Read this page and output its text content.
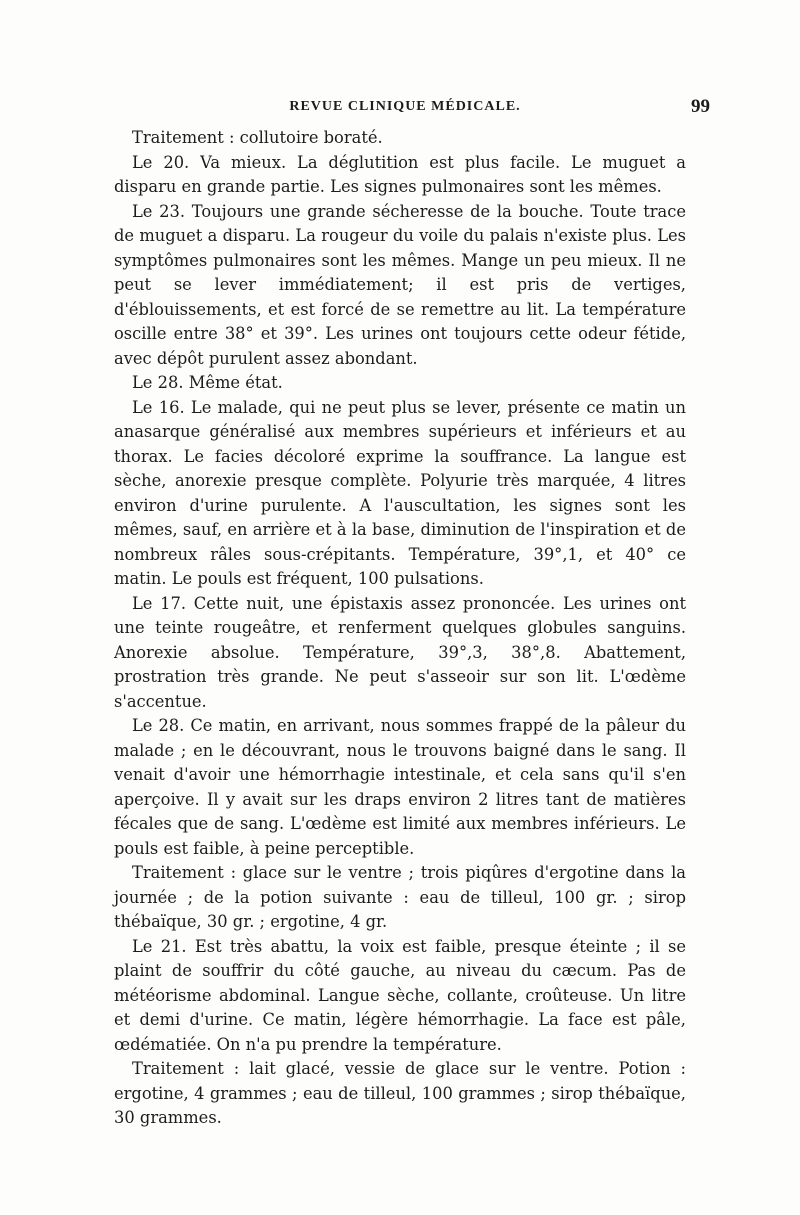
REVUE CLINIQUE MÉDICALE.	99

Traitement : collutoire boraté.

Le 20. Va mieux. La déglutition est plus facile. Le muguet a disparu en grande partie. Les signes pulmonaires sont les mêmes.

Le 23. Toujours une grande sécheresse de la bouche. Toute trace de muguet a disparu. La rougeur du voile du palais n'existe plus. Les symptômes pulmonaires sont les mêmes. Mange un peu mieux. Il ne peut se lever immédiatement; il est pris de vertiges, d'éblouissements, et est forcé de se remettre au lit. La température oscille entre 38° et 39°. Les urines ont toujours cette odeur fétide, avec dépôt purulent assez abondant.

Le 28. Même état.

Le 16. Le malade, qui ne peut plus se lever, présente ce matin un anasarque généralisé aux membres supérieurs et inférieurs et au thorax. Le facies décoloré exprime la souffrance. La langue est sèche, anorexie presque complète. Polyurie très marquée, 4 litres environ d'urine purulente. A l'auscultation, les signes sont les mêmes, sauf, en arrière et à la base, diminution de l'inspiration et de nombreux râles sous-crépitants. Température, 39°,1, et 40° ce matin. Le pouls est fréquent, 100 pulsations.

Le 17. Cette nuit, une épistaxis assez prononcée. Les urines ont une teinte rougeâtre, et renferment quelques globules sanguins. Anorexie absolue. Température, 39°,3, 38°,8. Abattement, prostration très grande. Ne peut s'asseoir sur son lit. L'œdème s'accentue.

Le 28. Ce matin, en arrivant, nous sommes frappé de la pâleur du malade ; en le découvrant, nous le trouvons baigné dans le sang. Il venait d'avoir une hémorrhagie intestinale, et cela sans qu'il s'en aperçoive. Il y avait sur les draps environ 2 litres tant de matières fécales que de sang. L'œdème est limité aux membres inférieurs. Le pouls est faible, à peine perceptible.

Traitement : glace sur le ventre ; trois piqûres d'ergotine dans la journée ; de la potion suivante : eau de tilleul, 100 gr. ; sirop thébaïque, 30 gr. ; ergotine, 4 gr.

Le 21. Est très abattu, la voix est faible, presque éteinte ; il se plaint de souffrir du côté gauche, au niveau du cæcum. Pas de météorisme abdominal. Langue sèche, collante, croûteuse. Un litre et demi d'urine. Ce matin, légère hémorrhagie. La face est pâle, œdématiée. On n'a pu prendre la température.

Traitement : lait glacé, vessie de glace sur le ventre. Potion : ergotine, 4 grammes ; eau de tilleul, 100 grammes ; sirop thébaïque, 30 grammes.
